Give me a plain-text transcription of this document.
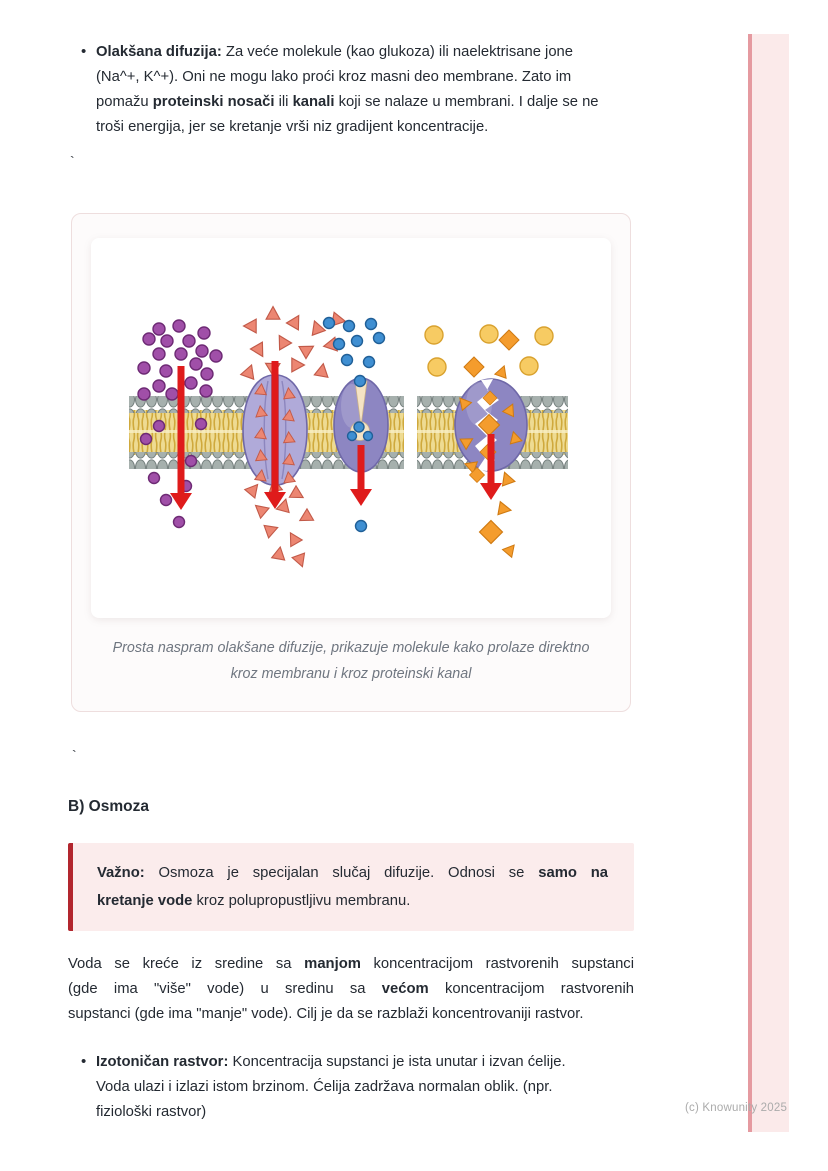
• Olakšana difuzija: Za veće molekule (kao glukoza) ili naelektrisane jone
(Na^+, K^+). Oni ne mogu lako proći kroz masni deo membrane. Zato im
pomažu proteinski nosači ili kanali koji se nalaze u membrani. I dalje se ne
troši energija, jer se kretanje vrši niz gradijent koncentracije.
`
Prosta naspram olakšane difuzije, prikazuje molekule kako prolaze direktno
kroz membranu i kroz proteinski kanal
`
B) Osmoza
Važno: Osmoza je specijalan slučaj difuzije. Odnosi se samo na
kretanje vode kroz polupropustljivu membranu.
Voda se kreće iz sredine sa manjom koncentracijom rastvorenih supstanci
(gde ima "više" vode) u sredinu sa većom koncentracijom rastvorenih
supstanci (gde ima "manje" vode). Cilj je da se razblaži koncentrovaniji rastvor.
• Izotoničan rastvor: Koncentracija supstanci je ista unutar i izvan ćelije.
Voda ulazi i izlazi istom brzinom. Ćelija zadržava normalan oblik. (npr.
fiziološki rastvor)	(c) Knowunity 2025
